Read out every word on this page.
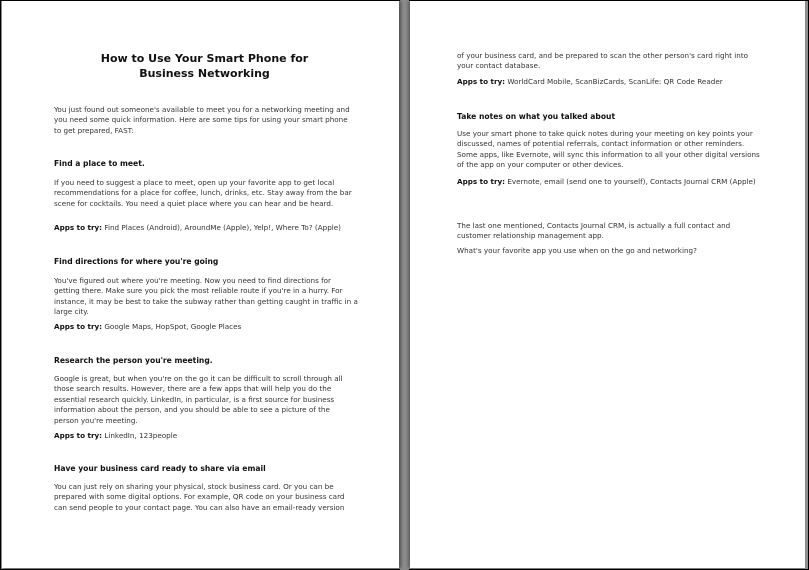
How to Use Your Smart Phone for Business Networking

You just found out someone's available to meet you for a networking meeting and you need some quick information. Here are some tips for using your smart phone to get prepared, FAST:

Find a place to meet.

If you need to suggest a place to meet, open up your favorite app to get local recommendations for a place for coffee, lunch, drinks, etc. Stay away from the bar scene for cocktails. You need a quiet place where you can hear and be heard.

Apps to try: Find Places (Android), AroundMe (Apple), Yelp!, Where To? (Apple)

Find directions for where you're going

You've figured out where you're meeting. Now you need to find directions for getting there. Make sure you pick the most reliable route if you're in a hurry. For instance, it may be best to take the subway rather than getting caught in traffic in a large city.

Apps to try: Google Maps, HopSpot, Google Places

Research the person you're meeting.

Google is great, but when you're on the go it can be difficult to scroll through all those search results. However, there are a few apps that will help you do the essential research quickly. LinkedIn, in particular, is a first source for business information about the person, and you should be able to see a picture of the person you're meeting.

Apps to try: LinkedIn, 123people

Have your business card ready to share via email

You can just rely on sharing your physical, stock business card. Or you can be prepared with some digital options. For example, QR code on your business card can send people to your contact page. You can also have an email-ready version

of your business card, and be prepared to scan the other person's card right into your contact database.

Apps to try: WorldCard Mobile, ScanBizCards, ScanLife: QR Code Reader

Take notes on what you talked about

Use your smart phone to take quick notes during your meeting on key points your discussed, names of potential referrals, contact information or other reminders. Some apps, like Evernote, will sync this information to all your other digital versions of the app on your computer or other devices.

Apps to try: Evernote, email (send one to yourself), Contacts Journal CRM (Apple)

The last one mentioned, Contacts Journal CRM, is actually a full contact and customer relationship management app.

What's your favorite app you use when on the go and networking?
